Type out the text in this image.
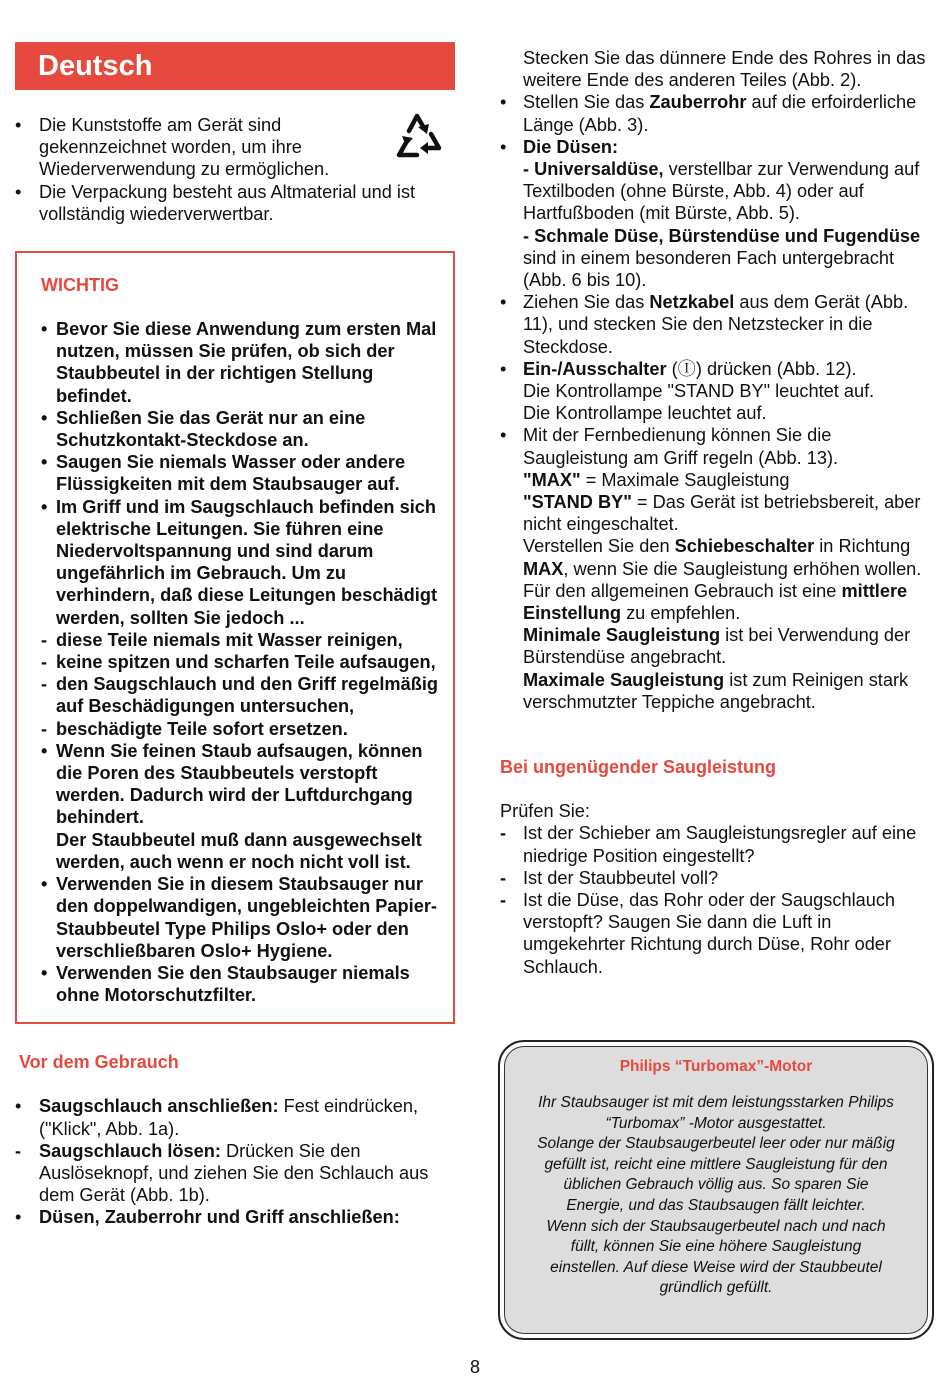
Deutsch
• Die Kunststoffe am Gerät sind gekennzeichnet worden, um ihre Wiederverwendung zu ermöglichen.
• Die Verpackung besteht aus Altmaterial und ist vollständig wiederverwertbar.
WICHTIG
• Bevor Sie diese Anwendung zum ersten Mal nutzen, müssen Sie prüfen, ob sich der Staubbeutel in der richtigen Stellung befindet.
• Schließen Sie das Gerät nur an eine Schutzkontakt-Steckdose an.
• Saugen Sie niemals Wasser oder andere Flüssigkeiten mit dem Staubsauger auf.
• Im Griff und im Saugschlauch befinden sich elektrische Leitungen. Sie führen eine Niedervoltspannung und sind darum ungefährlich im Gebrauch. Um zu verhindern, daß diese Leitungen beschädigt werden, sollten Sie jedoch ...
- diese Teile niemals mit Wasser reinigen,
- keine spitzen und scharfen Teile aufsaugen,
- den Saugschlauch und den Griff regelmäßig auf Beschädigungen untersuchen,
- beschädigte Teile sofort ersetzen.
• Wenn Sie feinen Staub aufsaugen, können die Poren des Staubbeutels verstopft werden. Dadurch wird der Luftdurchgang behindert.
Der Staubbeutel muß dann ausgewechselt werden, auch wenn er noch nicht voll ist.
• Verwenden Sie in diesem Staubsauger nur den doppelwandigen, ungebleichten Papier-Staubbeutel Type Philips Oslo+ oder den verschließbaren Oslo+ Hygiene.
• Verwenden Sie den Staubsauger niemals ohne Motorschutzfilter.
Vor dem Gebrauch
• Saugschlauch anschließen: Fest eindrücken, ("Klick", Abb. 1a).
- Saugschlauch lösen: Drücken Sie den Auslöseknopf, und ziehen Sie den Schlauch aus dem Gerät (Abb. 1b).
• Düsen, Zauberrohr und Griff anschließen:
Stecken Sie das dünnere Ende des Rohres in das weitere Ende des anderen Teiles (Abb. 2).
• Stellen Sie das Zauberrohr auf die erfoirderliche Länge (Abb. 3).
• Die Düsen:
- Universaldüse, verstellbar zur Verwendung auf Textilboden (ohne Bürste, Abb. 4) oder auf Hartfußboden (mit Bürste, Abb. 5).
- Schmale Düse, Bürstendüse und Fugendüse sind in einem besonderen Fach untergebracht (Abb. 6 bis 10).
• Ziehen Sie das Netzkabel aus dem Gerät (Abb. 11), und stecken Sie den Netzstecker in die Steckdose.
• Ein-/Ausschalter (Ⓘ) drücken (Abb. 12).
Die Kontrollampe "STAND BY" leuchtet auf.
Die Kontrollampe leuchtet auf.
• Mit der Fernbedienung können Sie die Saugleistung am Griff regeln (Abb. 13).
"MAX" = Maximale Saugleistung
"STAND BY" = Das Gerät ist betriebsbereit, aber nicht eingeschaltet.
Verstellen Sie den Schiebeschalter in Richtung MAX, wenn Sie die Saugleistung erhöhen wollen.
Für den allgemeinen Gebrauch ist eine mittlere Einstellung zu empfehlen.
Minimale Saugleistung ist bei Verwendung der Bürstendüse angebracht.
Maximale Saugleistung ist zum Reinigen stark verschmutzter Teppiche angebracht.
Bei ungenügender Saugleistung
Prüfen Sie:
- Ist der Schieber am Saugleistungsregler auf eine niedrige Position eingestellt?
- Ist der Staubbeutel voll?
- Ist die Düse, das Rohr oder der Saugschlauch verstopft? Saugen Sie dann die Luft in umgekehrter Richtung durch Düse, Rohr oder Schlauch.
Philips “Turbomax”-Motor
Ihr Staubsauger ist mit dem leistungsstarken Philips
“Turbomax” -Motor ausgestattet.
Solange der Staubsaugerbeutel leer oder nur mäßig
gefüllt ist, reicht eine mittlere Saugleistung für den
üblichen Gebrauch völlig aus. So sparen Sie
Energie, und das Staubsaugen fällt leichter.
Wenn sich der Staubsaugerbeutel nach und nach
füllt, können Sie eine höhere Saugleistung
einstellen. Auf diese Weise wird der Staubbeutel
gründlich gefüllt.
8
